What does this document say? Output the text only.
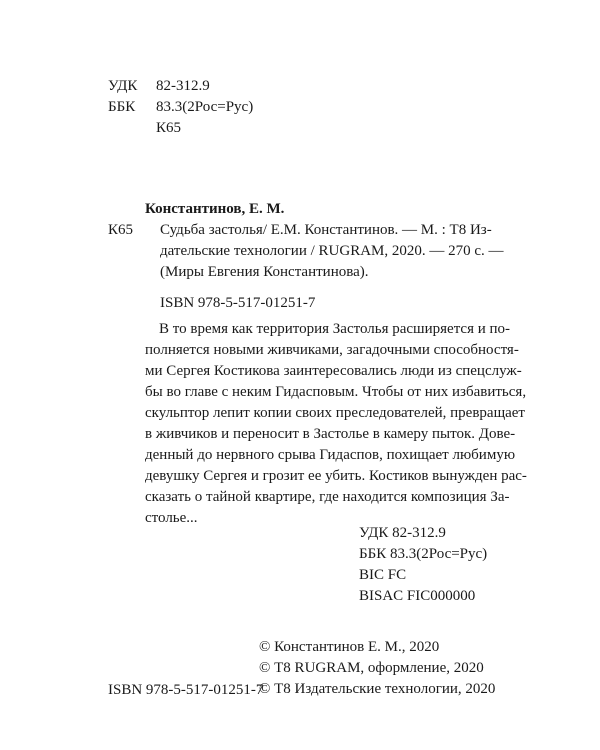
УДК	82-312.9
ББК	83.3(2Рос=Рус)
К65
Константинов, Е. М.
К65 Судьба застолья/ Е.М. Константинов. — М. : Т8 Из-
дательские технологии / RUGRAM, 2020. — 270 с. —
(Миры Евгения Константинова).
ISBN 978-5-517-01251-7
В то время как территория Застолья расширяется и по-
полняется новыми живчиками, загадочными способностя-
ми Сергея Костикова заинтересовались люди из спецслуж-
бы во главе с неким Гидасповым. Чтобы от них избавиться,
скульптор лепит копии своих преследователей, превращает
в живчиков и переносит в Застолье в камеру пыток. Дове-
денный до нервного срыва Гидаспов, похищает любимую
девушку Сергея и грозит ее убить. Костиков вынужден рас-
сказать о тайной квартире, где находится композиция За-
столье...
УДК 82-312.9
ББК 83.3(2Рос=Рус)
BIC FC
BISAC FIC000000
© Константинов Е. М., 2020
© Т8 RUGRAM, оформление, 2020
© Т8 Издательские технологии, 2020
ISBN 978-5-517-01251-7
